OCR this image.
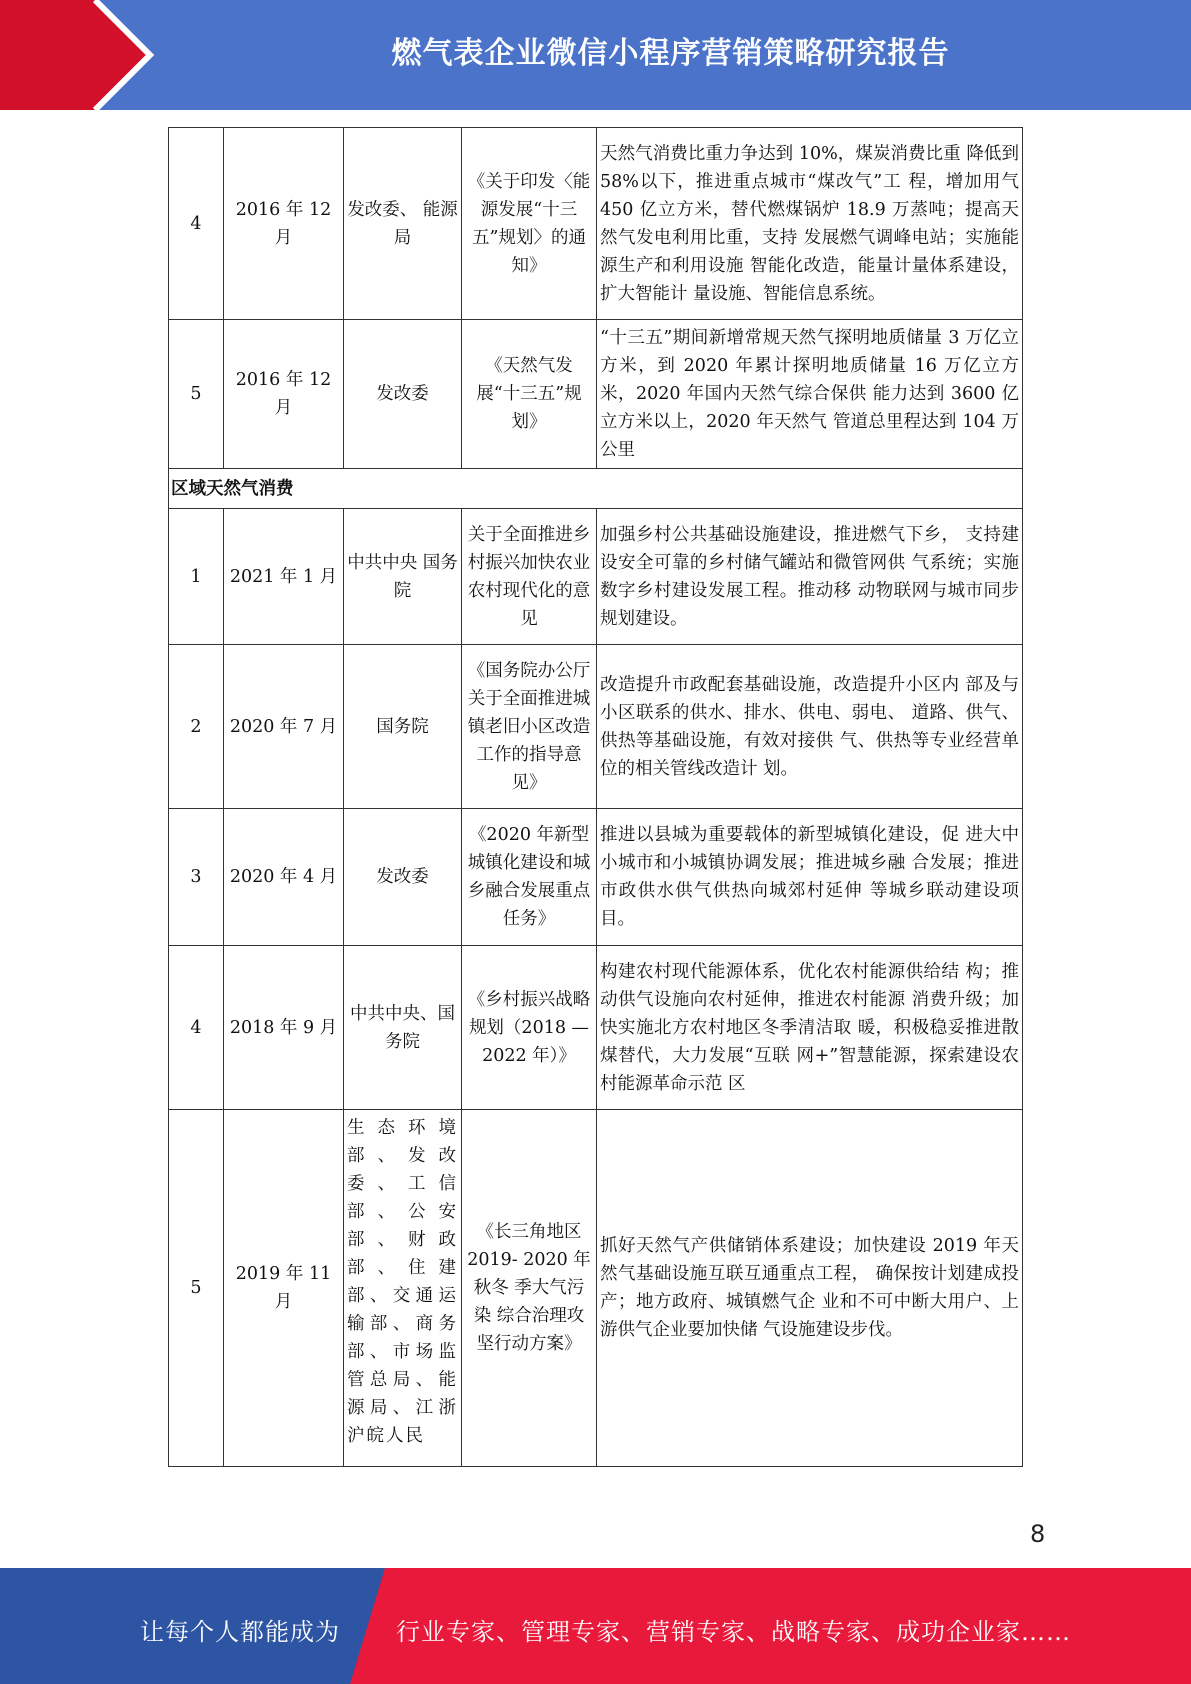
燃气表企业微信小程序营销策略研究报告
4	2016 年 12 月	发改委、 能源局	《关于印发〈能源发展“十三五”规划〉的通知》	天然气消费比重力争达到 10%，煤炭消费比重 降低到 58%以下，推进重点城市“煤改气”工 程，增加用气 450 亿立方米，替代燃煤锅炉 18.9 万蒸吨；提高天然气发电利用比重，支持 发展燃气调峰电站；实施能源生产和利用设施 智能化改造，能量计量体系建设，扩大智能计 量设施、智能信息系统。
5	2016 年 12 月	发改委	《天然气发展“十三五”规划》	“十三五”期间新增常规天然气探明地质储量 3 万亿立方米，到 2020 年累计探明地质储量 16 万亿立方米，2020 年国内天然气综合保供 能力达到 3600 亿立方米以上，2020 年天然气 管道总里程达到 104 万公里
区域天然气消费				
1	2021 年 1 月	中共中央 国务院	关于全面推进乡村振兴加快农业农村现代化的意见	加强乡村公共基础设施建设，推进燃气下乡， 支持建设安全可靠的乡村储气罐站和微管网供 气系统；实施数字乡村建设发展工程。推动移 动物联网与城市同步规划建设。
2	2020 年 7 月	国务院	《国务院办公厅关于全面推进城镇老旧小区改造工作的指导意见》	改造提升市政配套基础设施，改造提升小区内 部及与小区联系的供水、排水、供电、弱电、 道路、供气、供热等基础设施，有效对接供 气、供热等专业经营单位的相关管线改造计 划。
3	2020 年 4 月	发改委	《2020 年新型城镇化建设和城乡融合发展重点任务》	推进以县城为重要载体的新型城镇化建设，促 进大中小城市和小城镇协调发展；推进城乡融 合发展；推进市政供水供气供热向城郊村延伸 等城乡联动建设项目。
4	2018 年 9 月	中共中央、国务院	《乡村振兴战略规划（2018 —2022 年）》	构建农村现代能源体系，优化农村能源供给结 构；推动供气设施向农村延伸，推进农村能源 消费升级；加快实施北方农村地区冬季清洁取 暖，积极稳妥推进散煤替代，大力发展“互联 网+”智慧能源，探索建设农村能源革命示范 区
5	2019 年 11 月	生态环境部、发改委、工信部、公安部、财政部、住建部、交通运输部、商务部、市场监管总局、能源局、江浙沪皖人民	《长三角地区 2019- 2020 年秋冬 季大气污染 综合治理攻坚行动方案》	抓好天然气产供储销体系建设；加快建设 2019 年天然气基础设施互联互通重点工程， 确保按计划建成投产；地方政府、城镇燃气企 业和不可中断大用户、上游供气企业要加快储 气设施建设步伐。
8
让每个人都能成为 行业专家、管理专家、营销专家、战略专家、成功企业家……
